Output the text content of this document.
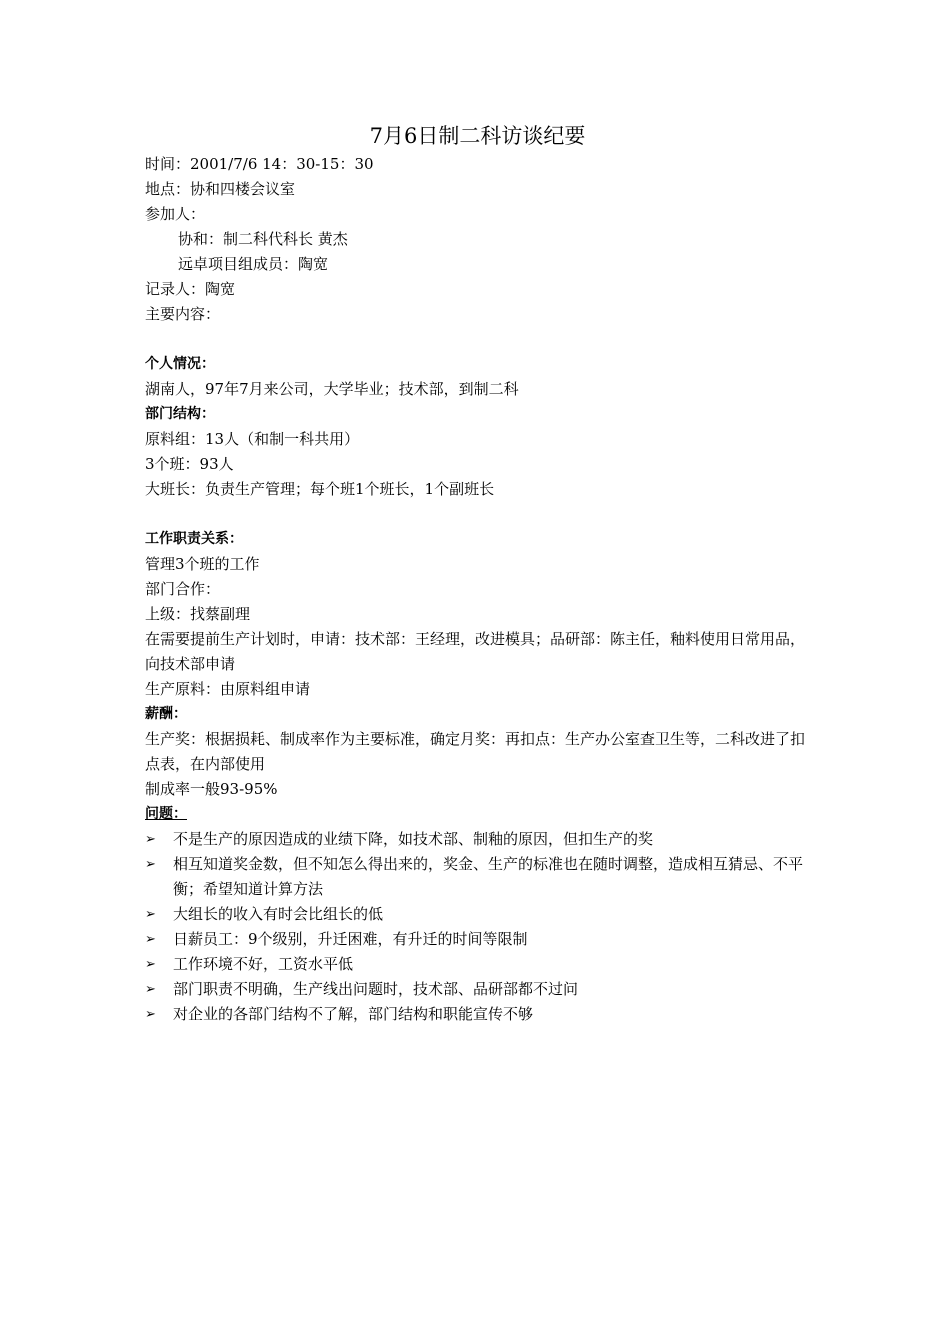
7月6日制二科访谈纪要
时间：2001/7/6 14：30-15：30
地点：协和四楼会议室
参加人：
协和：制二科代科长 黄杰
远卓项目组成员：陶宽
记录人：陶宽
主要内容：
个人情况：
湖南人，97年7月来公司，大学毕业；技术部，到制二科
部门结构：
原料组：13人（和制一科共用）
3个班：93人
大班长：负责生产管理；每个班1个班长，1个副班长
工作职责关系：
管理3个班的工作
部门合作：
上级：找蔡副理
在需要提前生产计划时，申请：技术部：王经理，改进模具；品研部：陈主任，釉料使用日常用品，向技术部申请
生产原料：由原料组申请
薪酬：
生产奖：根据损耗、制成率作为主要标准，确定月奖：再扣点：生产办公室查卫生等，二科改进了扣点表，在内部使用
制成率一般93-95%
问题：
➢ 不是生产的原因造成的业绩下降，如技术部、制釉的原因，但扣生产的奖
➢ 相互知道奖金数，但不知怎么得出来的，奖金、生产的标准也在随时调整，造成相互猜忌、不平衡；希望知道计算方法
➢ 大组长的收入有时会比组长的低
➢ 日薪员工：9个级别，升迁困难，有升迁的时间等限制
➢ 工作环境不好，工资水平低
➢ 部门职责不明确，生产线出问题时，技术部、品研部都不过问
➢ 对企业的各部门结构不了解，部门结构和职能宣传不够
